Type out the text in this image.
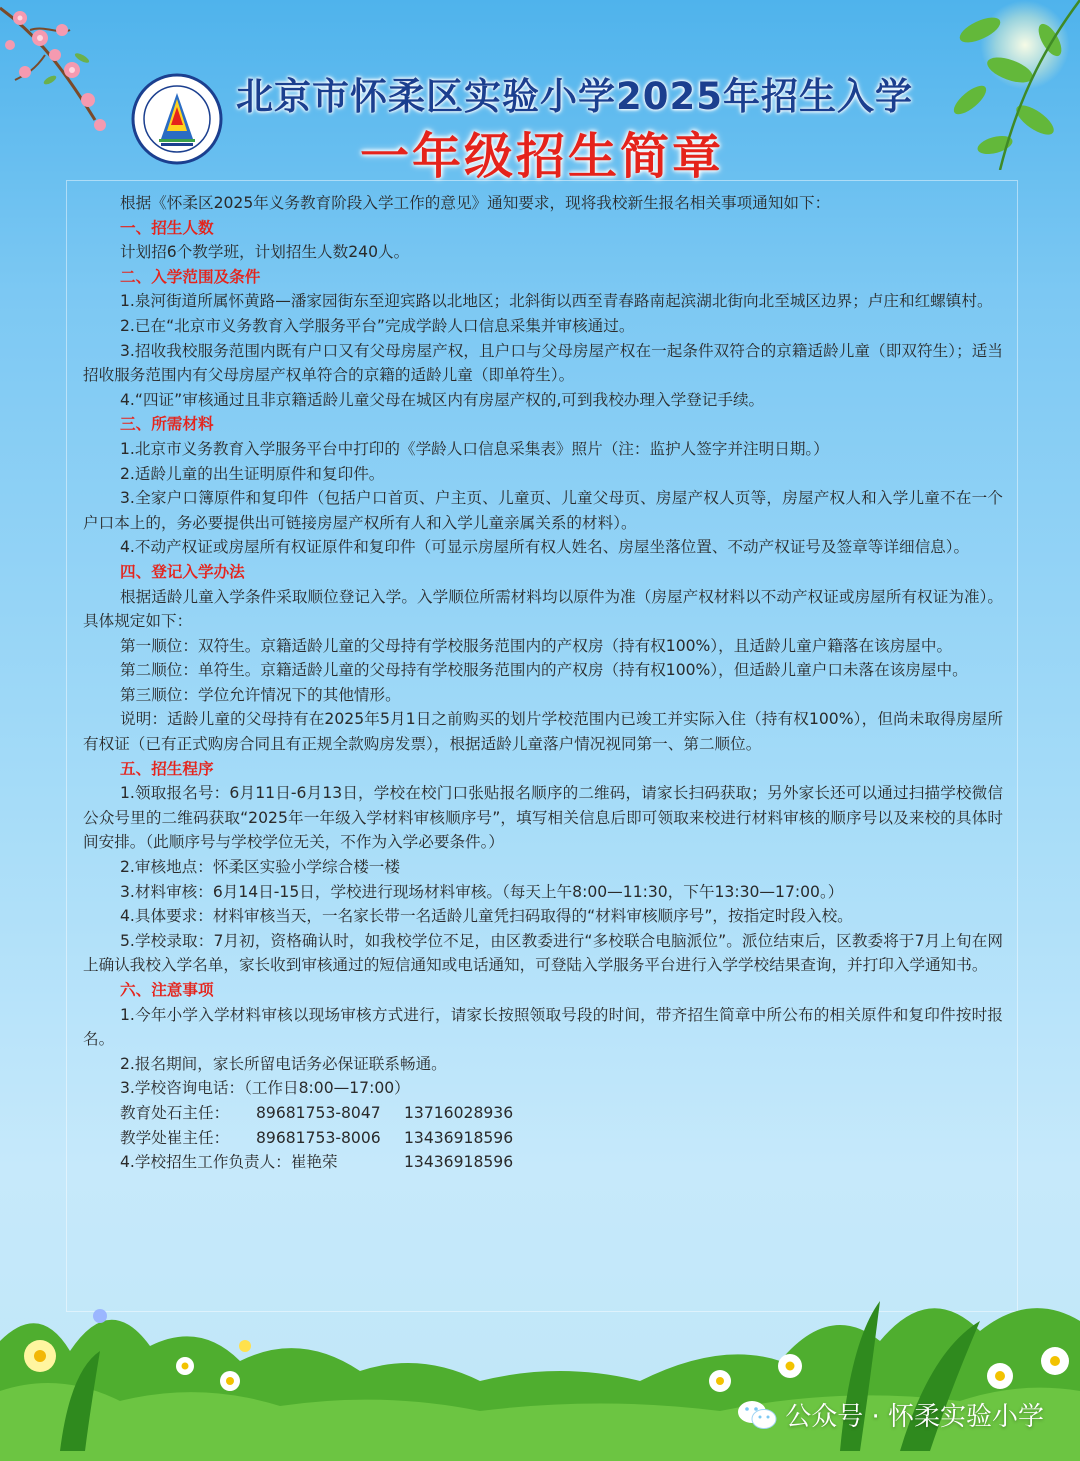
北京市怀柔区实验小学2025年招生入学
一年级招生简章

根据《怀柔区2025年义务教育阶段入学工作的意见》通知要求，现将我校新生报名相关事项通知如下：

一、招生人数

计划招6个教学班，计划招生人数240人。

二、入学范围及条件

1.泉河街道所属怀黄路—潘家园街东至迎宾路以北地区；北斜街以西至青春路南起滨湖北街向北至城区边界；卢庄和红螺镇村。

2.已在“北京市义务教育入学服务平台”完成学龄人口信息采集并审核通过。

3.招收我校服务范围内既有户口又有父母房屋产权，且户口与父母房屋产权在一起条件双符合的京籍适龄儿童（即双符生）；适当招收服务范围内有父母房屋产权单符合的京籍的适龄儿童（即单符生）。

4.“四证”审核通过且非京籍适龄儿童父母在城区内有房屋产权的,可到我校办理入学登记手续。

三、所需材料

1.北京市义务教育入学服务平台中打印的《学龄人口信息采集表》照片（注：监护人签字并注明日期。）

2.适龄儿童的出生证明原件和复印件。

3.全家户口簿原件和复印件（包括户口首页、户主页、儿童页、儿童父母页、房屋产权人页等，房屋产权人和入学儿童不在一个户口本上的，务必要提供出可链接房屋产权所有人和入学儿童亲属关系的材料）。

4.不动产权证或房屋所有权证原件和复印件（可显示房屋所有权人姓名、房屋坐落位置、不动产权证号及签章等详细信息）。

四、登记入学办法

根据适龄儿童入学条件采取顺位登记入学。入学顺位所需材料均以原件为准（房屋产权材料以不动产权证或房屋所有权证为准）。具体规定如下：

第一顺位：双符生。京籍适龄儿童的父母持有学校服务范围内的产权房（持有权100%），且适龄儿童户籍落在该房屋中。

第二顺位：单符生。京籍适龄儿童的父母持有学校服务范围内的产权房（持有权100%），但适龄儿童户口未落在该房屋中。

第三顺位：学位允许情况下的其他情形。

说明：适龄儿童的父母持有在2025年5月1日之前购买的划片学校范围内已竣工并实际入住（持有权100%），但尚未取得房屋所有权证（已有正式购房合同且有正规全款购房发票），根据适龄儿童落户情况视同第一、第二顺位。

五、招生程序

1.领取报名号：6月11日-6月13日，学校在校门口张贴报名顺序的二维码，请家长扫码获取；另外家长还可以通过扫描学校微信公众号里的二维码获取“2025年一年级入学材料审核顺序号”，填写相关信息后即可领取来校进行材料审核的顺序号以及来校的具体时间安排。（此顺序号与学校学位无关，不作为入学必要条件。）

2.审核地点：怀柔区实验小学综合楼一楼

3.材料审核：6月14日-15日，学校进行现场材料审核。（每天上午8:00—11:30，下午13:30—17:00。）

4.具体要求：材料审核当天，一名家长带一名适龄儿童凭扫码取得的“材料审核顺序号”，按指定时段入校。

5.学校录取：7月初，资格确认时，如我校学位不足，由区教委进行“多校联合电脑派位”。派位结束后，区教委将于7月上旬在网上确认我校入学名单，家长收到审核通过的短信通知或电话通知，可登陆入学服务平台进行入学学校结果查询，并打印入学通知书。

六、注意事项

1.今年小学入学材料审核以现场审核方式进行，请家长按照领取号段的时间，带齐招生简章中所公布的相关原件和复印件按时报名。

2.报名期间，家长所留电话务必保证联系畅通。

3.学校咨询电话：（工作日8:00—17:00）

教育处石主任： 89681753-8047 13716028936

教学处崔主任： 89681753-8006 13436918596

4.学校招生工作负责人：崔艳荣	13436918596

公众号 · 怀柔实验小学
